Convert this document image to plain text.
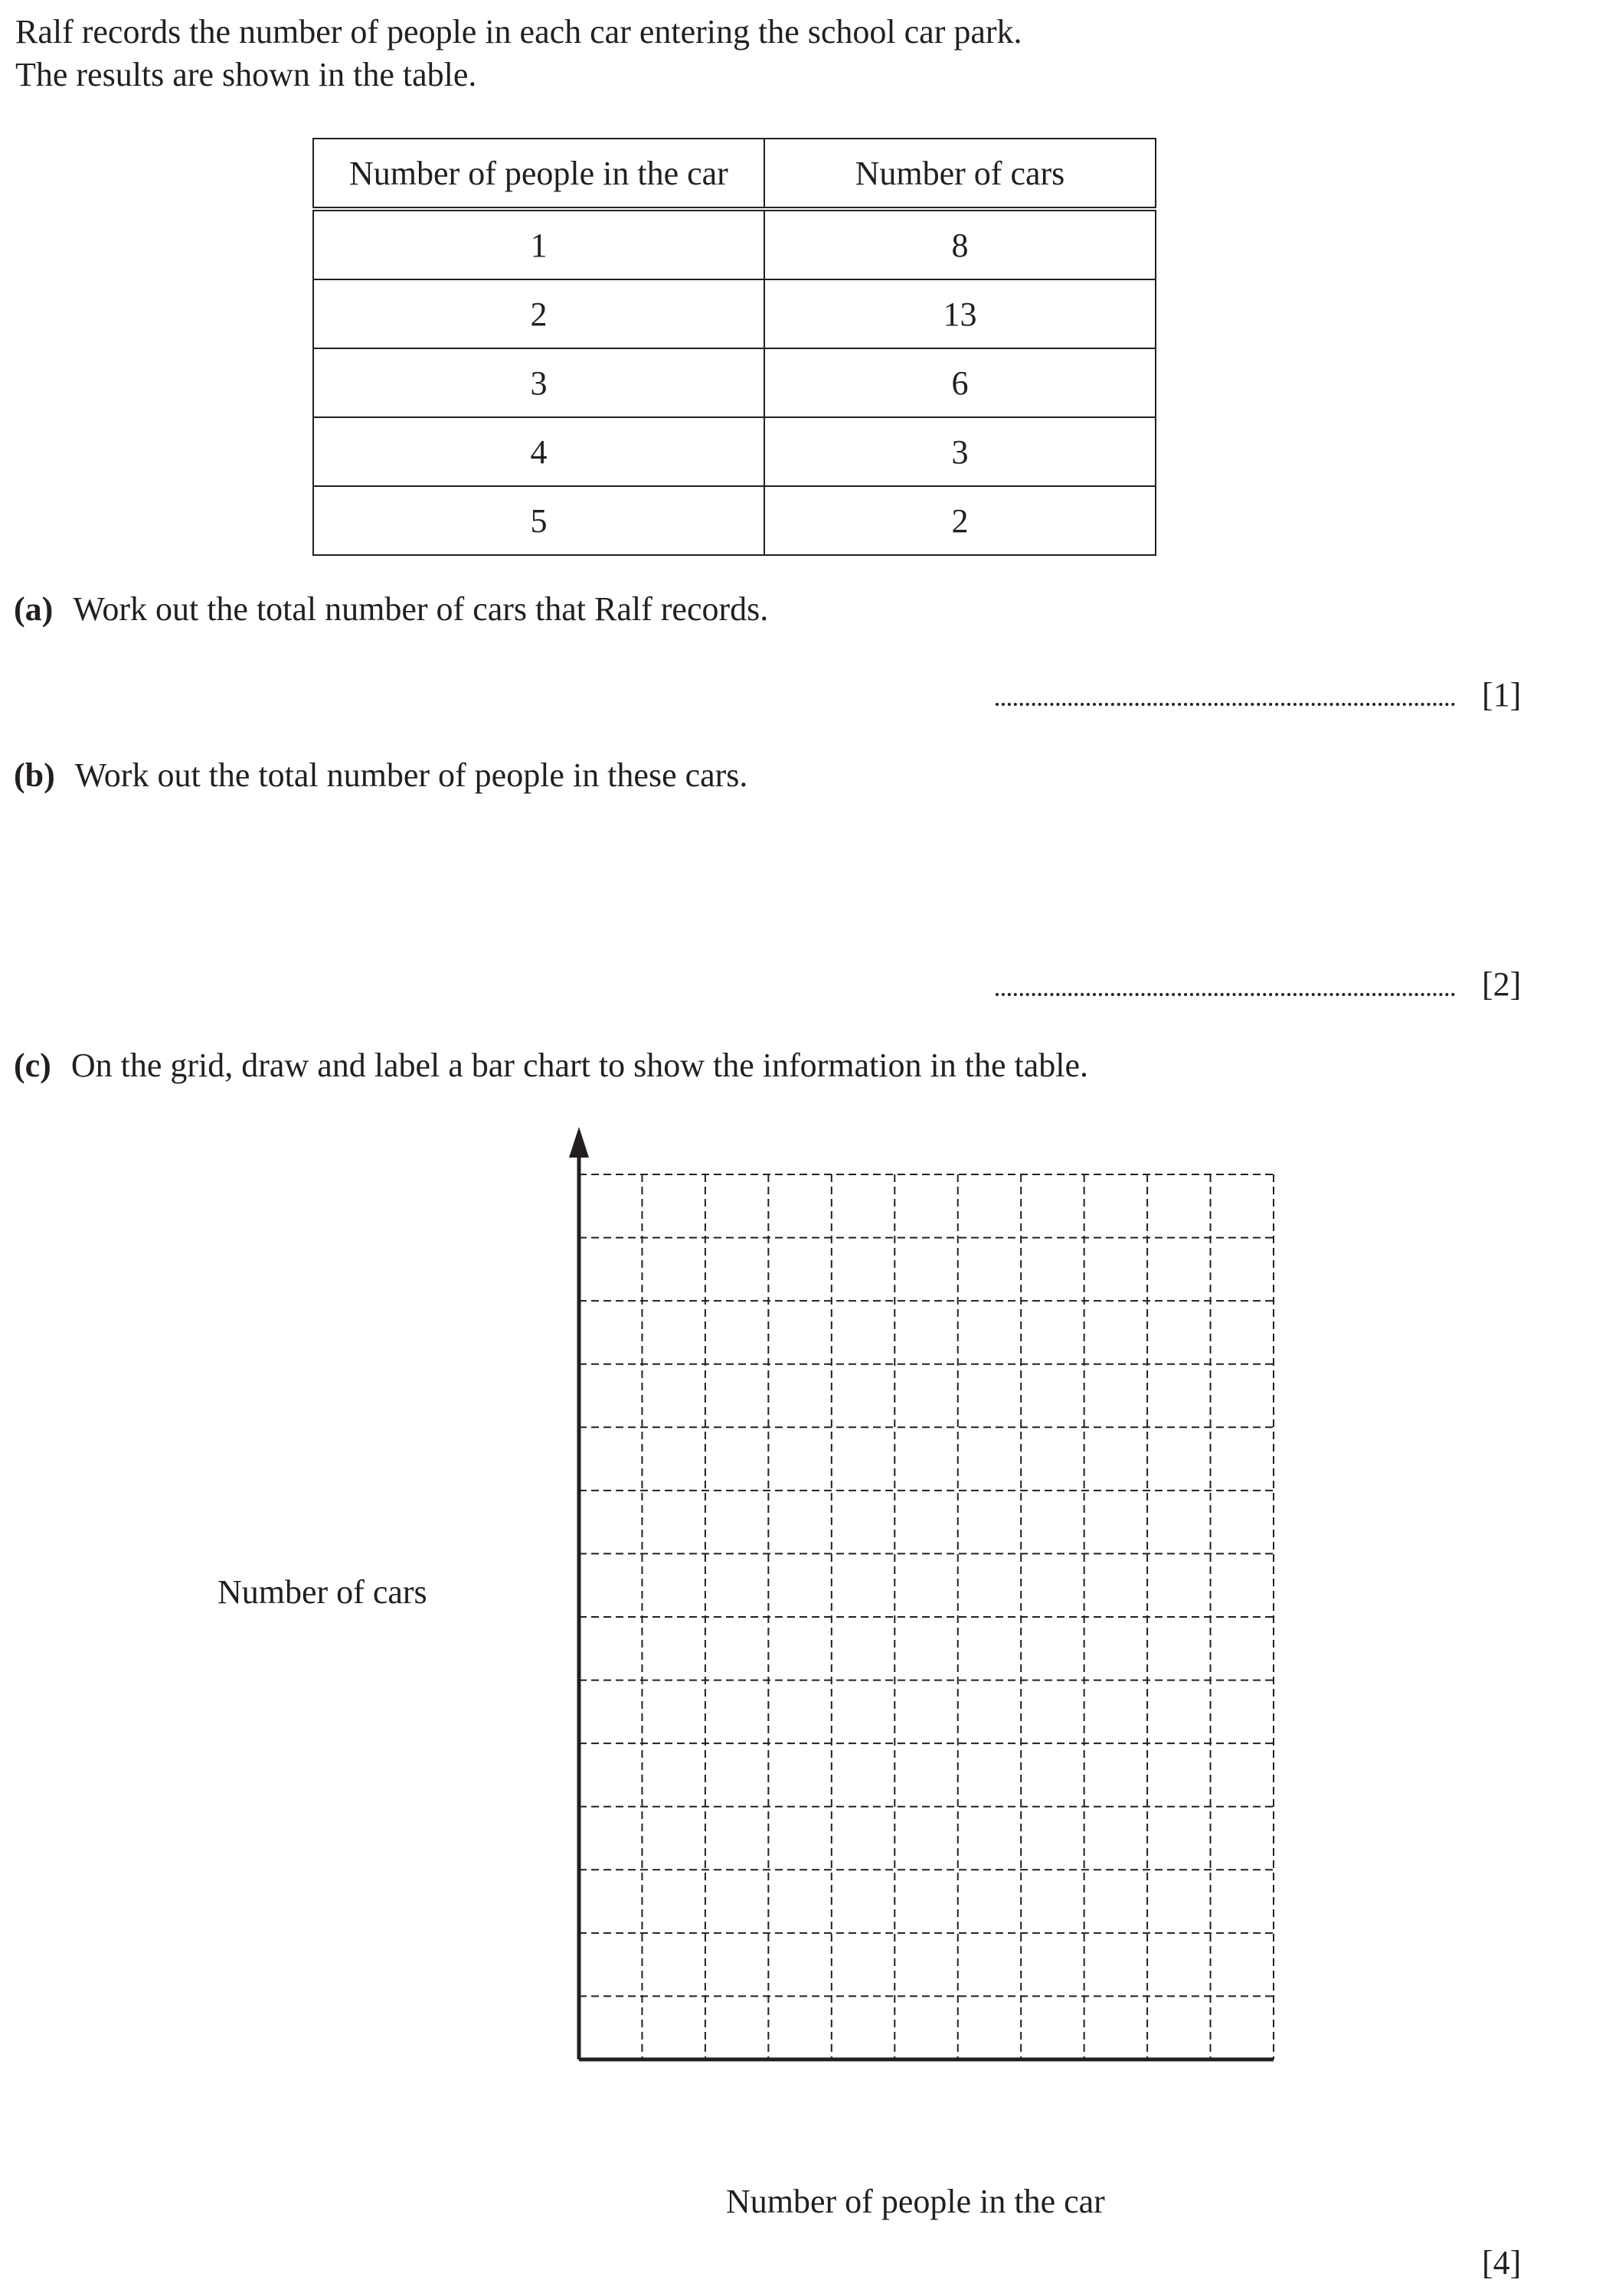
Ralf records the number of people in each car entering the school car park.
The results are shown in the table.
Number of people in the car	Number of cars
1	8
2	13
3	6
4	3
5	2
(a) Work out the total number of cars that Ralf records.
[1]
(b) Work out the total number of people in these cars.
[2]
(c) On the grid, draw and label a bar chart to show the information in the table.
Number of cars
Number of people in the car
[4]
